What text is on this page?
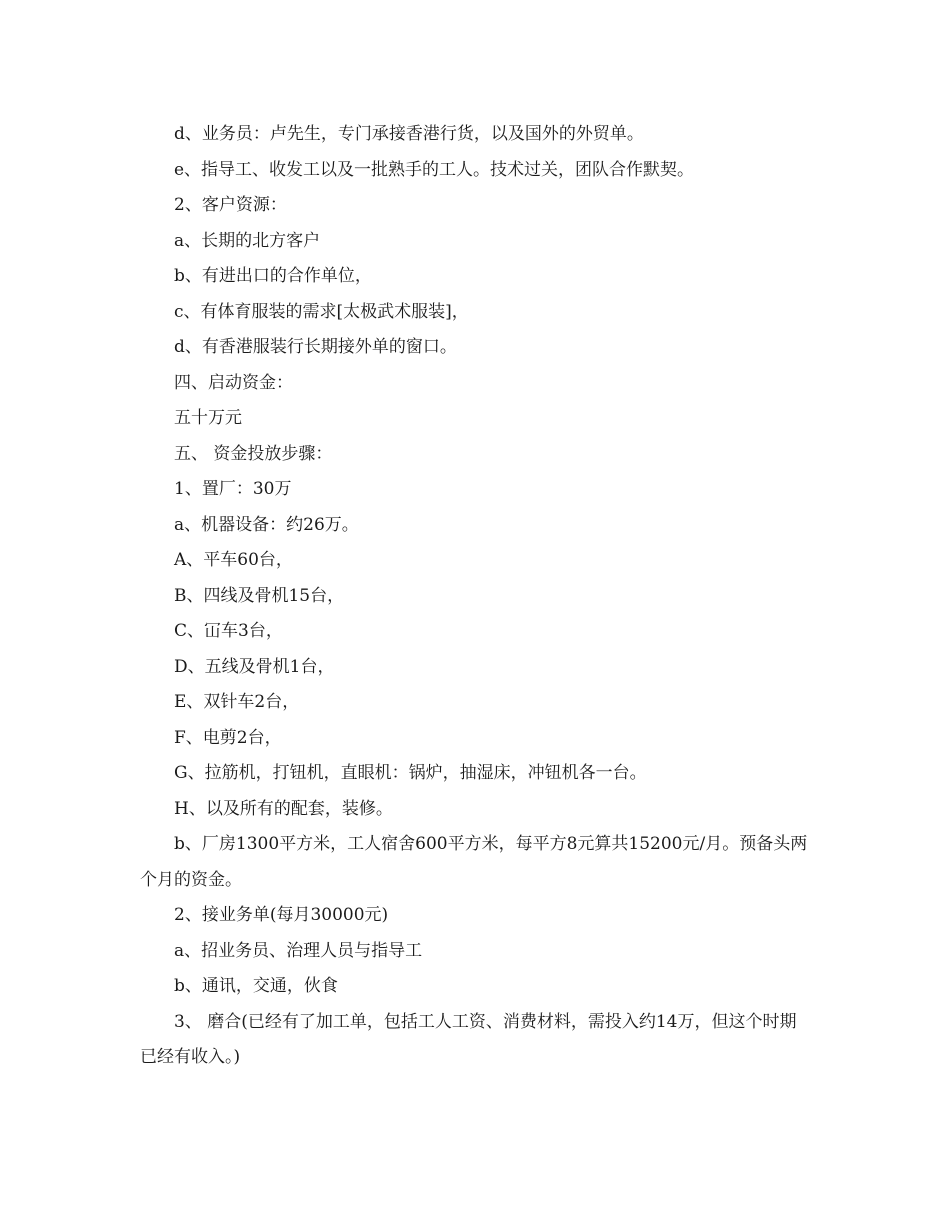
d、业务员：卢先生，专门承接香港行货，以及国外的外贸单。

e、指导工、收发工以及一批熟手的工人。技术过关，团队合作默契。

2、客户资源：

a、长期的北方客户

b、有进出口的合作单位，

c、有体育服装的需求[太极武术服装]，

d、有香港服装行长期接外单的窗口。

四、启动资金：

五十万元

五、 资金投放步骤：

1、置厂：30万

a、机器设备：约26万。

A、平车60台，

B、四线及骨机15台，

C、冚车3台，

D、五线及骨机1台，

E、双针车2台，

F、电剪2台，

G、拉筋机，打钮机，直眼机：锅炉，抽湿床，冲钮机各一台。

H、以及所有的配套，装修。

b、厂房1300平方米，工人宿舍600平方米，每平方8元算共15200元/月。预备头两个月的资金。

2、接业务单(每月30000元)

a、招业务员、治理人员与指导工

b、通讯，交通，伙食

3、 磨合(已经有了加工单，包括工人工资、消费材料，需投入约14万，但这个时期已经有收入。)
